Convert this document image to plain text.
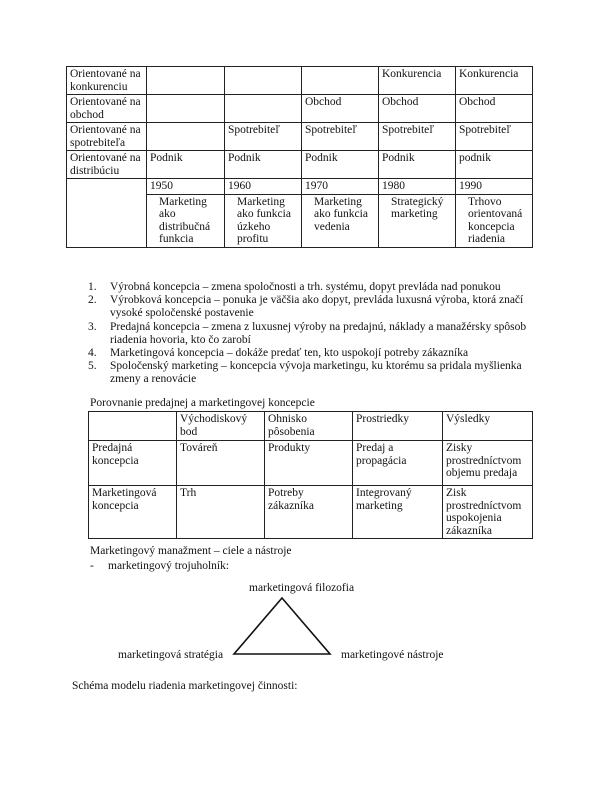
Orientované na konkurenciu				Konkurencia	Konkurencia
Orientované na obchod			Obchod	Obchod	Obchod
Orientované na spotrebiteľa		Spotrebiteľ	Spotrebiteľ	Spotrebiteľ	Spotrebiteľ
Orientované na distribúciu	Podnik	Podnik	Podnik	Podnik	podnik
	1950	1960	1970	1980	1990
	Marketing ako distribučná funkcia	Marketing ako funkcia úzkeho profitu	Marketing ako funkcia vedenia	Strategický marketing	Trhovo orientovaná koncepcia riadenia
1. Výrobná koncepcia – zmena spoločnosti a trh. systému, dopyt prevláda nad ponukou
2. Výrobková koncepcia – ponuka je väčšia ako dopyt, prevláda luxusná výroba, ktorá značí vysoké spoločenské postavenie
3. Predajná koncepcia – zmena z luxusnej výroby na predajnú, náklady a manažérsky spôsob riadenia hovoria, kto čo zarobí
4. Marketingová koncepcia – dokáže predať ten, kto uspokojí potreby zákazníka
5. Spoločenský marketing – koncepcia vývoja marketingu, ku ktorému sa pridala myšlienka zmeny a renovácie
Porovnanie predajnej a marketingovej koncepcie
	Východiskový bod	Ohnisko pôsobenia	Prostriedky	Výsledky
Predajná koncepcia	Továreň	Produkty	Predaj a propagácia	Zisky prostredníctvom objemu predaja
Marketingová koncepcia	Trh	Potreby zákazníka	Integrovaný marketing	Zisk prostredníctvom uspokojenia zákazníka
Marketingový manažment – ciele a nástroje
- marketingový trojuholník:
marketingová filozofia
marketingová stratégia	marketingové nástroje
Schéma modelu riadenia marketingovej činnosti:
